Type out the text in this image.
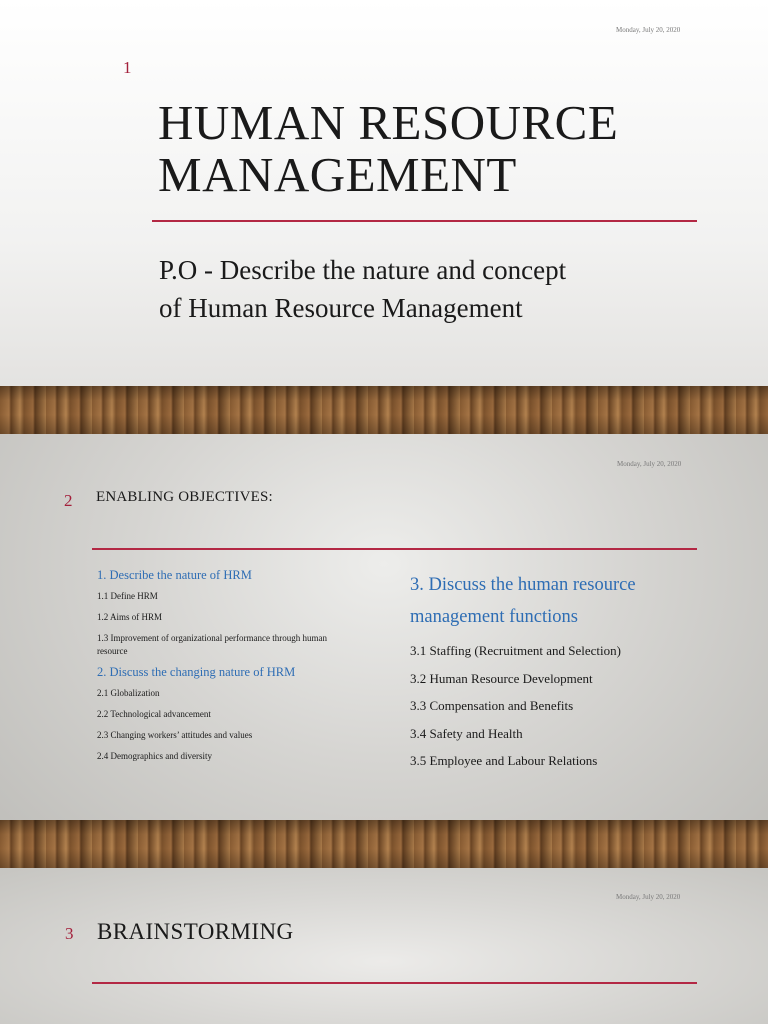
Monday, July 20, 2020
1
HUMAN RESOURCE
MANAGEMENT
P.O - Describe the nature and concept
of Human Resource Management
Monday, July 20, 2020
2 ENABLING OBJECTIVES:
1. Describe the nature of HRM
1.1 Define HRM
1.2 Aims of HRM
1.3 Improvement of organizational performance through human
resource
2. Discuss the changing nature of HRM
2.1 Globalization
2.2 Technological advancement
2.3 Changing workers’ attitudes and values
2.4 Demographics and diversity
3. Discuss the human resource
management functions
3.1 Staffing (Recruitment and Selection)
3.2 Human Resource Development
3.3 Compensation and Benefits
3.4 Safety and Health
3.5 Employee and Labour Relations
Monday, July 20, 2020
3 BRAINSTORMING
